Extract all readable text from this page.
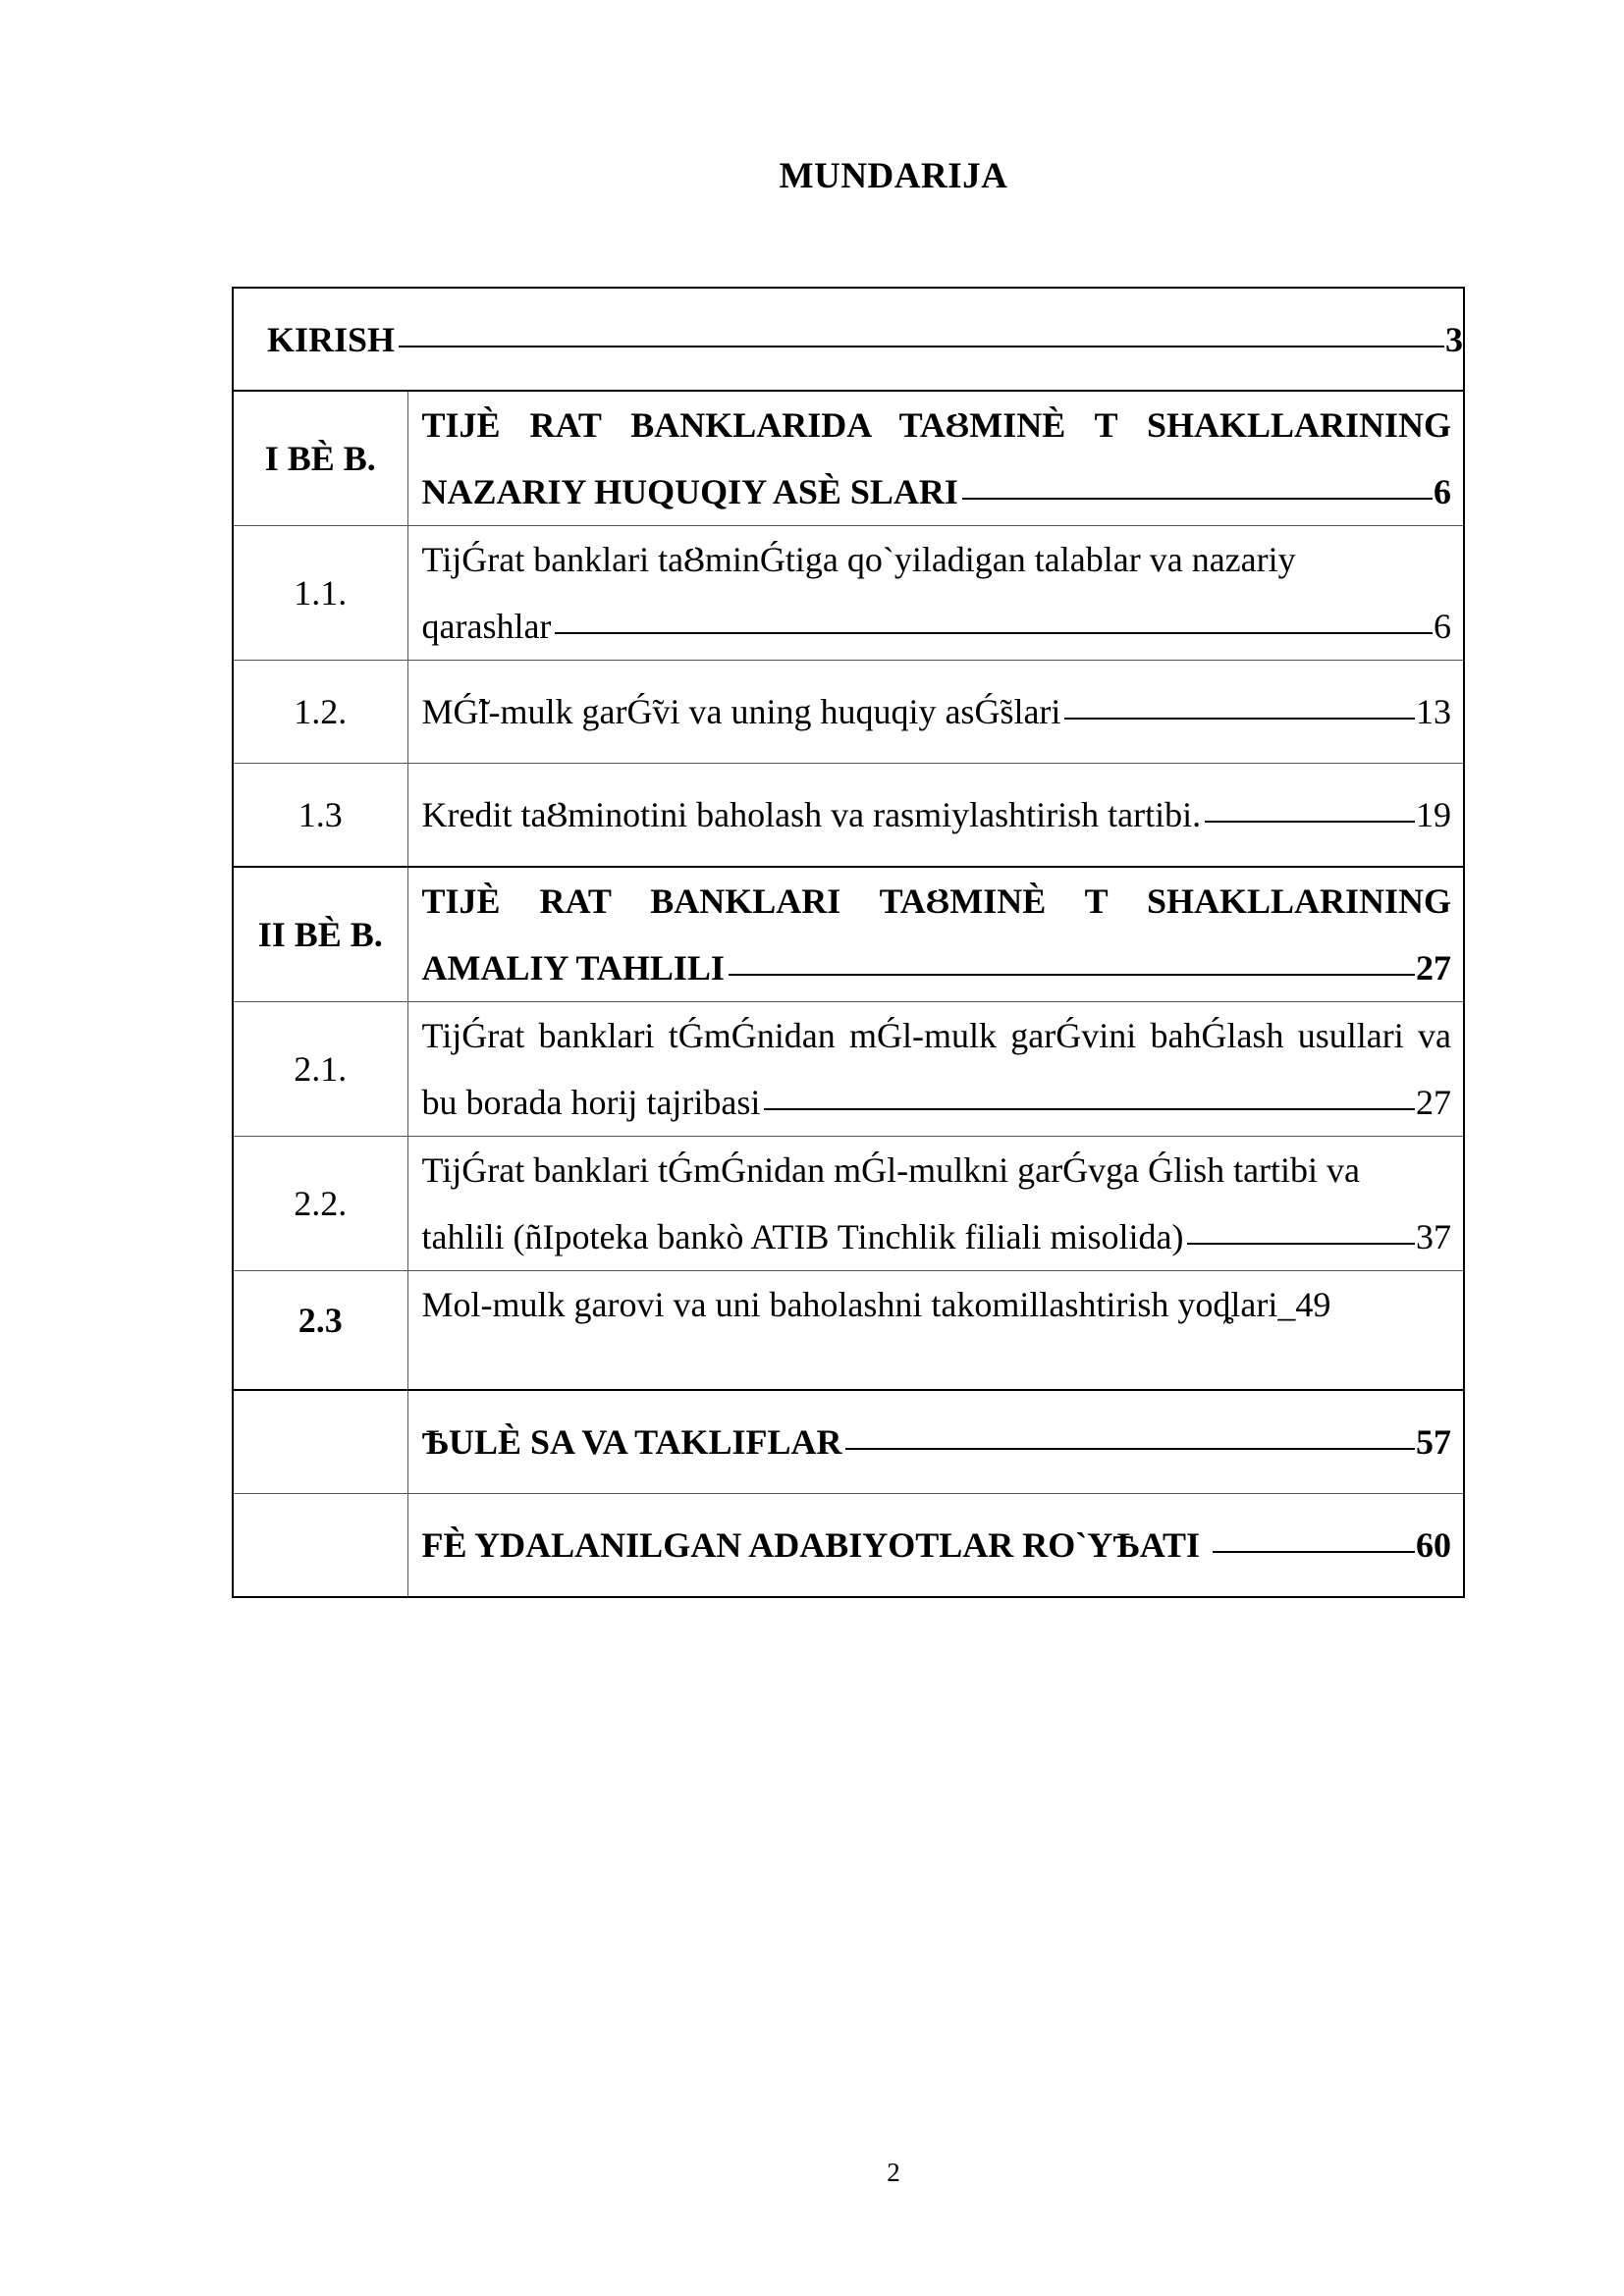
MUNDARIJA
KIRISH 3	

I BÈ B.	TIJÈ RAT BANKLARIDA TAȢMINÈ T SHAKLLARINING
NAZARIY HUQUQIY ASÈ SLARI 6

1.1.	TijǴrat banklari taȢminǴtiga qo`yiladigan talablar va nazariy
qarashlar 6

1.2.	MǴ̃l-mulk garǴ̃vi va uning huquqiy asǴ̃slari 13

1.3	Kredit taȢminotini baholash va rasmiylashtirish tartibi. 19

II BÈ B.	TIJÈ RAT BANKLARI TAȢMINÈ T SHAKLLARINING
AMALIY TAHLILI 27

2.1.	TijǴrat banklari tǴmǴnidan mǴl-mulk garǴvini bahǴlash usullari va
bu borada horij tajribasi 27

2.2.	TijǴrat banklari tǴmǴnidan mǴl-mulkni garǴvga Ǵlish tartibi va
tahlili (ñIpoteka bankò ATIB Tinchlik filiali misolida) 37

2.3	Mol-mulk garovi va uni baholashni takomillashtirish yoȡlari_ 49

	ѢULÈ SA VA TAKLIFLAR 57

	FÈ YDALANILGAN ADABIYOTLAR RO`YѢATI 60
2
